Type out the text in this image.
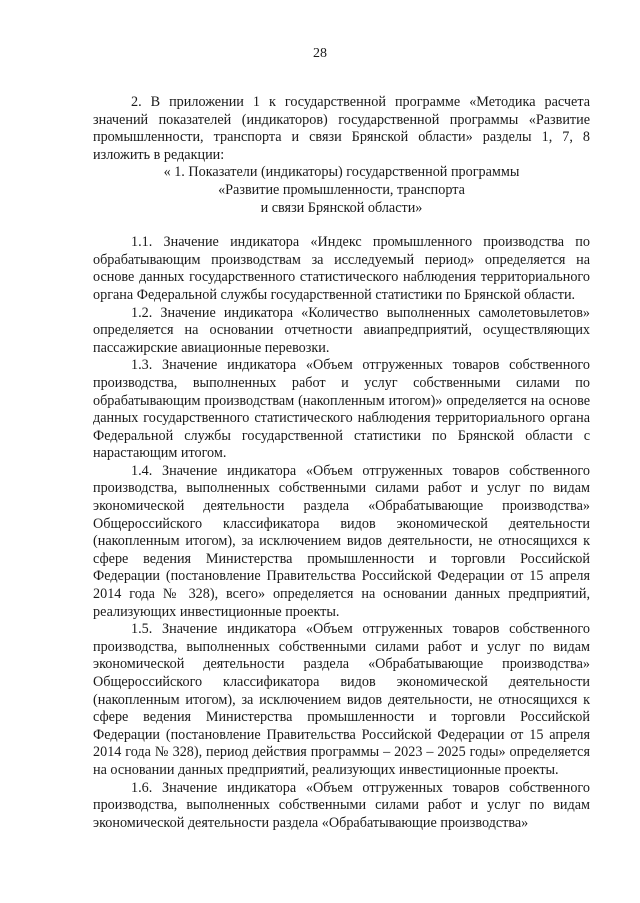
28

2. В приложении 1 к государственной программе «Методика расчета значений показателей (индикаторов) государственной программы «Развитие промышленности, транспорта и связи Брянской области» разделы 1, 7, 8 изложить в редакции:

« 1. Показатели (индикаторы) государственной программы
«Развитие промышленности, транспорта
и связи Брянской области»

1.1. Значение индикатора «Индекс промышленного производства по обрабатывающим производствам за исследуемый период» определяется на основе данных государственного статистического наблюдения территориального органа Федеральной службы государственной статистики по Брянской области.

1.2. Значение индикатора «Количество выполненных самолетовылетов» определяется на основании отчетности авиапредприятий, осуществляющих пассажирские авиационные перевозки.

1.3. Значение индикатора «Объем отгруженных товаров собственного производства, выполненных работ и услуг собственными силами по обрабатывающим производствам (накопленным итогом)» определяется на основе данных государственного статистического наблюдения территориального органа Федеральной службы государственной статистики по Брянской области с нарастающим итогом.

1.4. Значение индикатора «Объем отгруженных товаров собственного производства, выполненных собственными силами работ и услуг по видам экономической деятельности раздела «Обрабатывающие производства» Общероссийского классификатора видов экономической деятельности (накопленным итогом), за исключением видов деятельности, не относящихся к сфере ведения Министерства промышленности и торговли Российской Федерации (постановление Правительства Российской Федерации от 15 апреля 2014 года № 328), всего» определяется на основании данных предприятий, реализующих инвестиционные проекты.

1.5. Значение индикатора «Объем отгруженных товаров собственного производства, выполненных собственными силами работ и услуг по видам экономической деятельности раздела «Обрабатывающие производства» Общероссийского классификатора видов экономической деятельности (накопленным итогом), за исключением видов деятельности, не относящихся к сфере ведения Министерства промышленности и торговли Российской Федерации (постановление Правительства Российской Федерации от 15 апреля 2014 года № 328), период действия программы – 2023 – 2025 годы» определяется на основании данных предприятий, реализующих инвестиционные проекты.

1.6. Значение индикатора «Объем отгруженных товаров собственного производства, выполненных собственными силами работ и услуг по видам экономической деятельности раздела «Обрабатывающие производства»
